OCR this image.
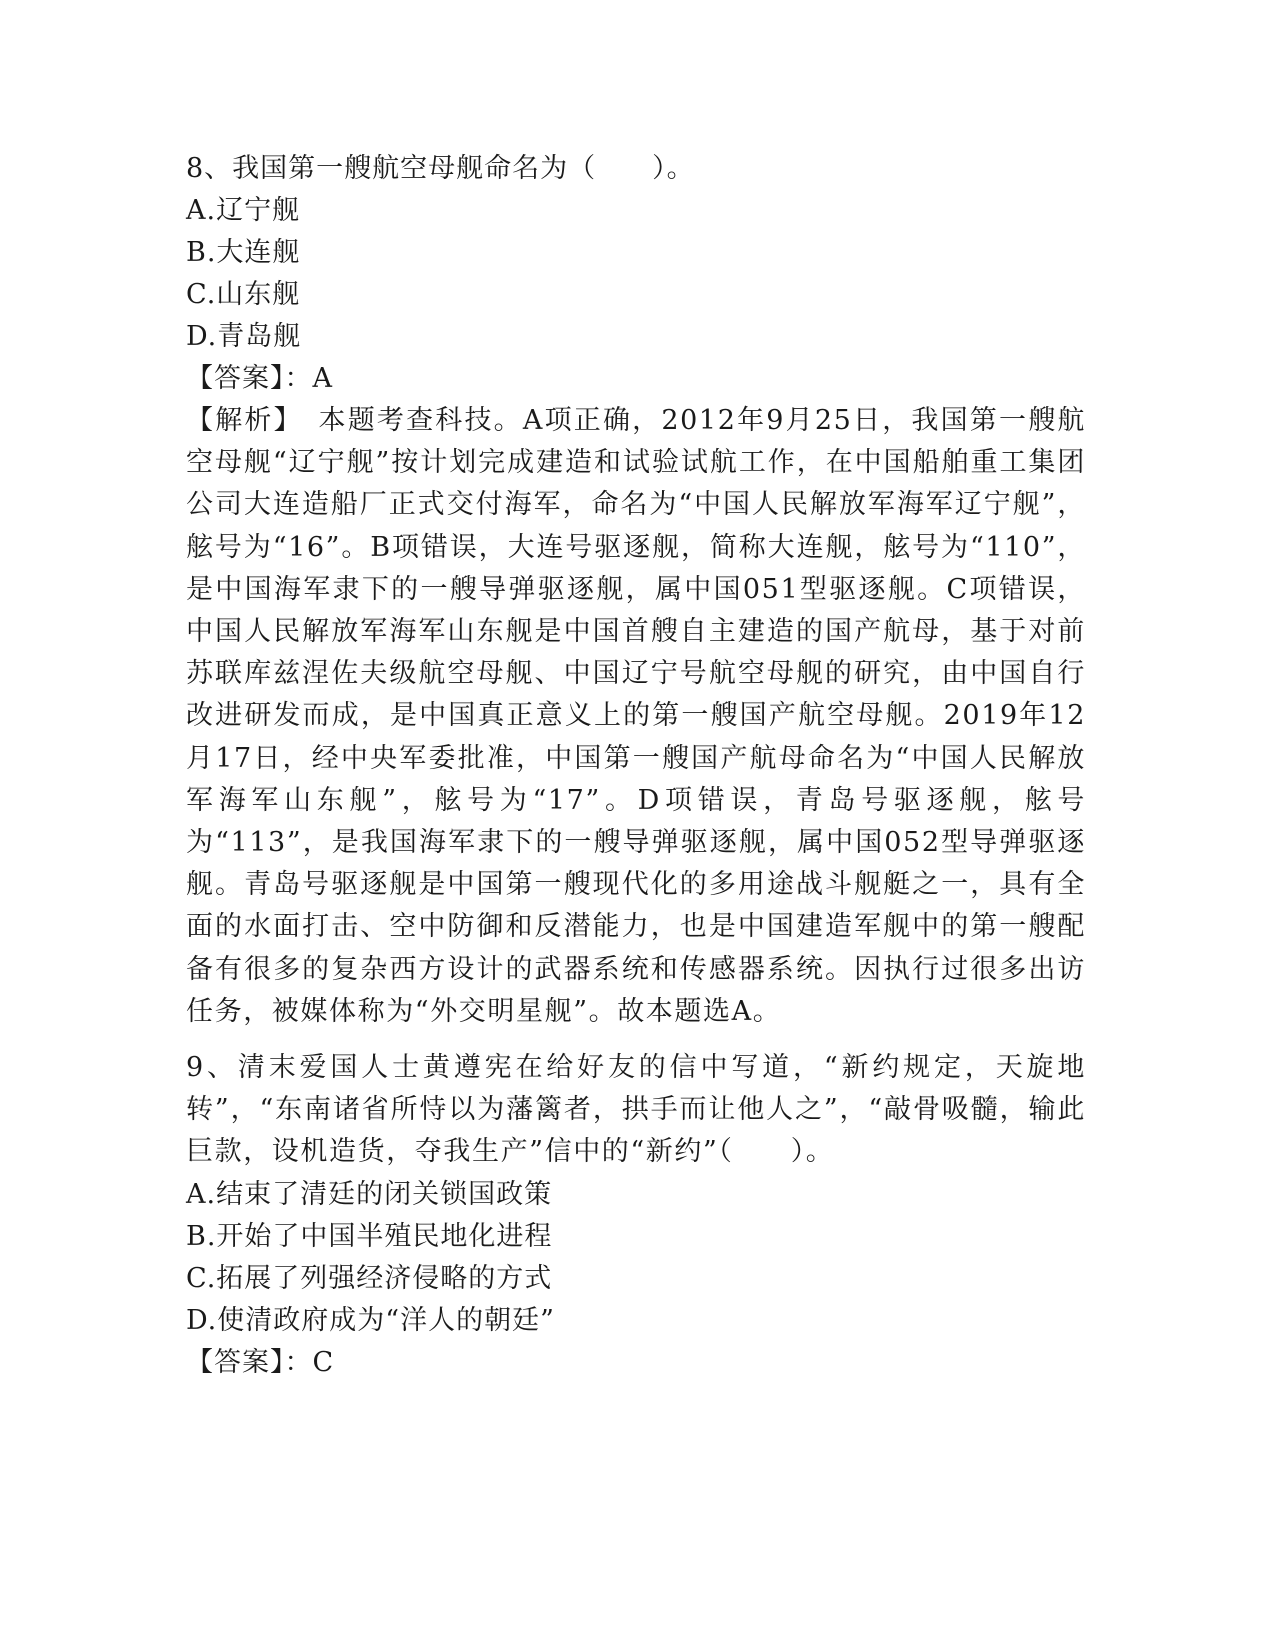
8、我国第一艘航空母舰命名为（　　）。
A.辽宁舰
B.大连舰
C.山东舰
D.青岛舰
【答案】：A

【解析】　本题考查科技。A项正确，2012年9月25日，我国第一艘航空母舰“辽宁舰”按计划完成建造和试验试航工作，在中国船舶重工集团公司大连造船厂正式交付海军，命名为“中国人民解放军海军辽宁舰”，舷号为“16”。B项错误，大连号驱逐舰，简称大连舰，舷号为“110”，是中国海军隶下的一艘导弹驱逐舰，属中国051型驱逐舰。C项错误，中国人民解放军海军山东舰是中国首艘自主建造的国产航母，基于对前苏联库兹涅佐夫级航空母舰、中国辽宁号航空母舰的研究，由中国自行改进研发而成，是中国真正意义上的第一艘国产航空母舰。2019年12月17日，经中央军委批准，中国第一艘国产航母命名为“中国人民解放军海军山东舰”，舷号为“17”。D项错误，青岛号驱逐舰，舷号为“113”，是我国海军隶下的一艘导弹驱逐舰，属中国052型导弹驱逐舰。青岛号驱逐舰是中国第一艘现代化的多用途战斗舰艇之一，具有全面的水面打击、空中防御和反潜能力，也是中国建造军舰中的第一艘配备有很多的复杂西方设计的武器系统和传感器系统。因执行过很多出访任务，被媒体称为“外交明星舰”。故本题选A。

9、清末爱国人士黄遵宪在给好友的信中写道，“新约规定，天旋地转”，“东南诸省所恃以为藩篱者，拱手而让他人之”，“敲骨吸髓，输此巨款，设机造货，夺我生产”信中的“新约”（　　）。

A.结束了清廷的闭关锁国政策
B.开始了中国半殖民地化进程
C.拓展了列强经济侵略的方式
D.使清政府成为“洋人的朝廷”
【答案】：C
